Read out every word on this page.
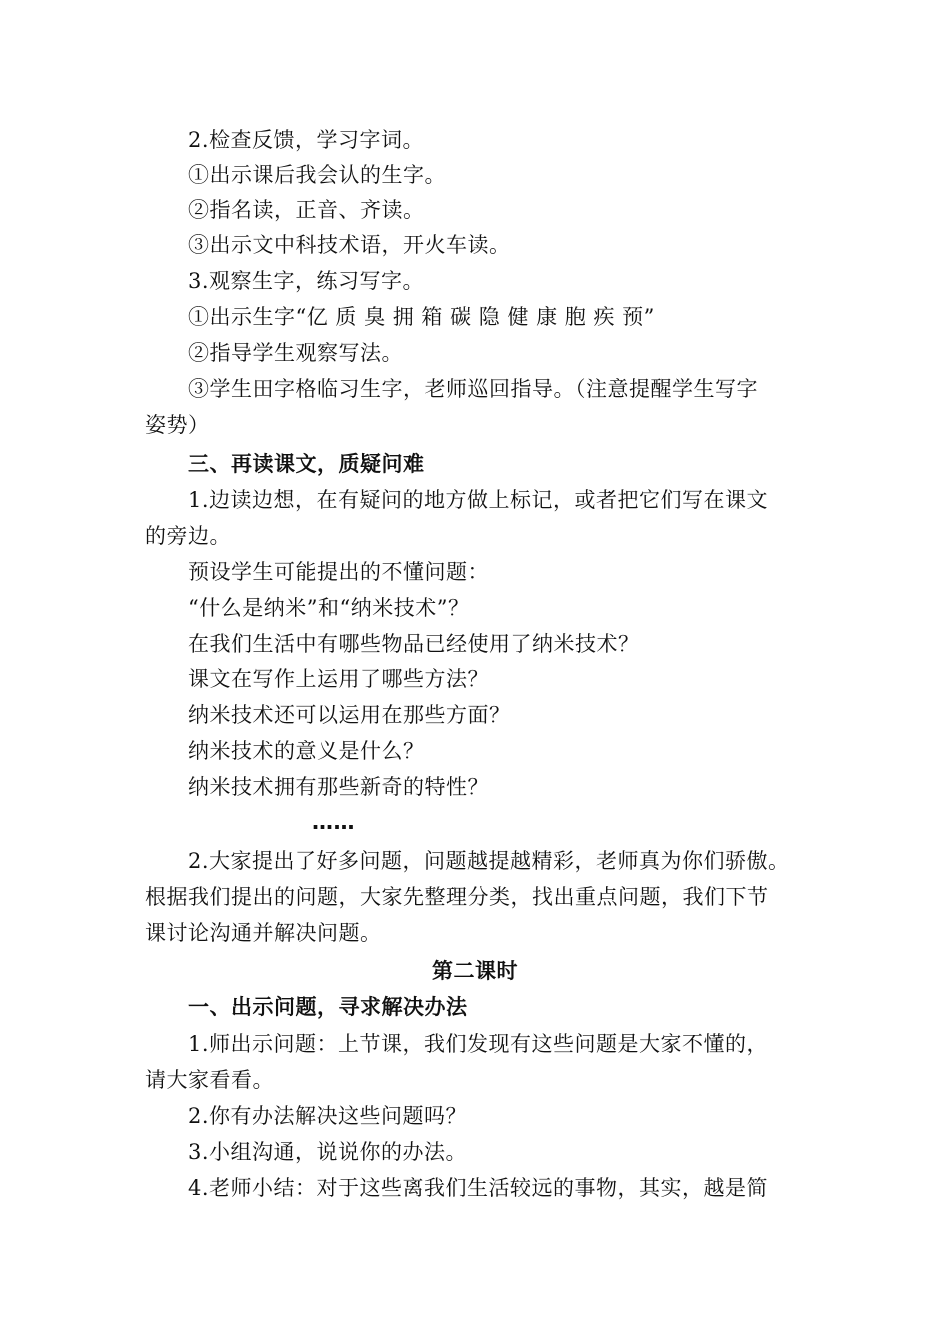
2.检查反馈，学习字词。
①出示课后我会认的生字。
②指名读，正音、齐读。
③出示文中科技术语，开火车读。
3.观察生字，练习写字。
①出示生字“亿 质 臭 拥 箱 碳 隐 健 康 胞 疾 预”
②指导学生观察写法。
③学生田字格临习生字，老师巡回指导。（注意提醒学生写字
姿势）
三、再读课文，质疑问难
1.边读边想，在有疑问的地方做上标记，或者把它们写在课文
的旁边。
预设学生可能提出的不懂问题：
“什么是纳米”和“纳米技术”？
在我们生活中有哪些物品已经使用了纳米技术？
课文在写作上运用了哪些方法？
纳米技术还可以运用在那些方面？
纳米技术的意义是什么？
纳米技术拥有那些新奇的特性？
……
2.大家提出了好多问题，问题越提越精彩，老师真为你们骄傲。
根据我们提出的问题，大家先整理分类，找出重点问题，我们下节
课讨论沟通并解决问题。
第二课时
一、出示问题，寻求解决办法
1.师出示问题：上节课，我们发现有这些问题是大家不懂的，
请大家看看。
2.你有办法解决这些问题吗？
3.小组沟通，说说你的办法。
4.老师小结：对于这些离我们生活较远的事物，其实，越是简
